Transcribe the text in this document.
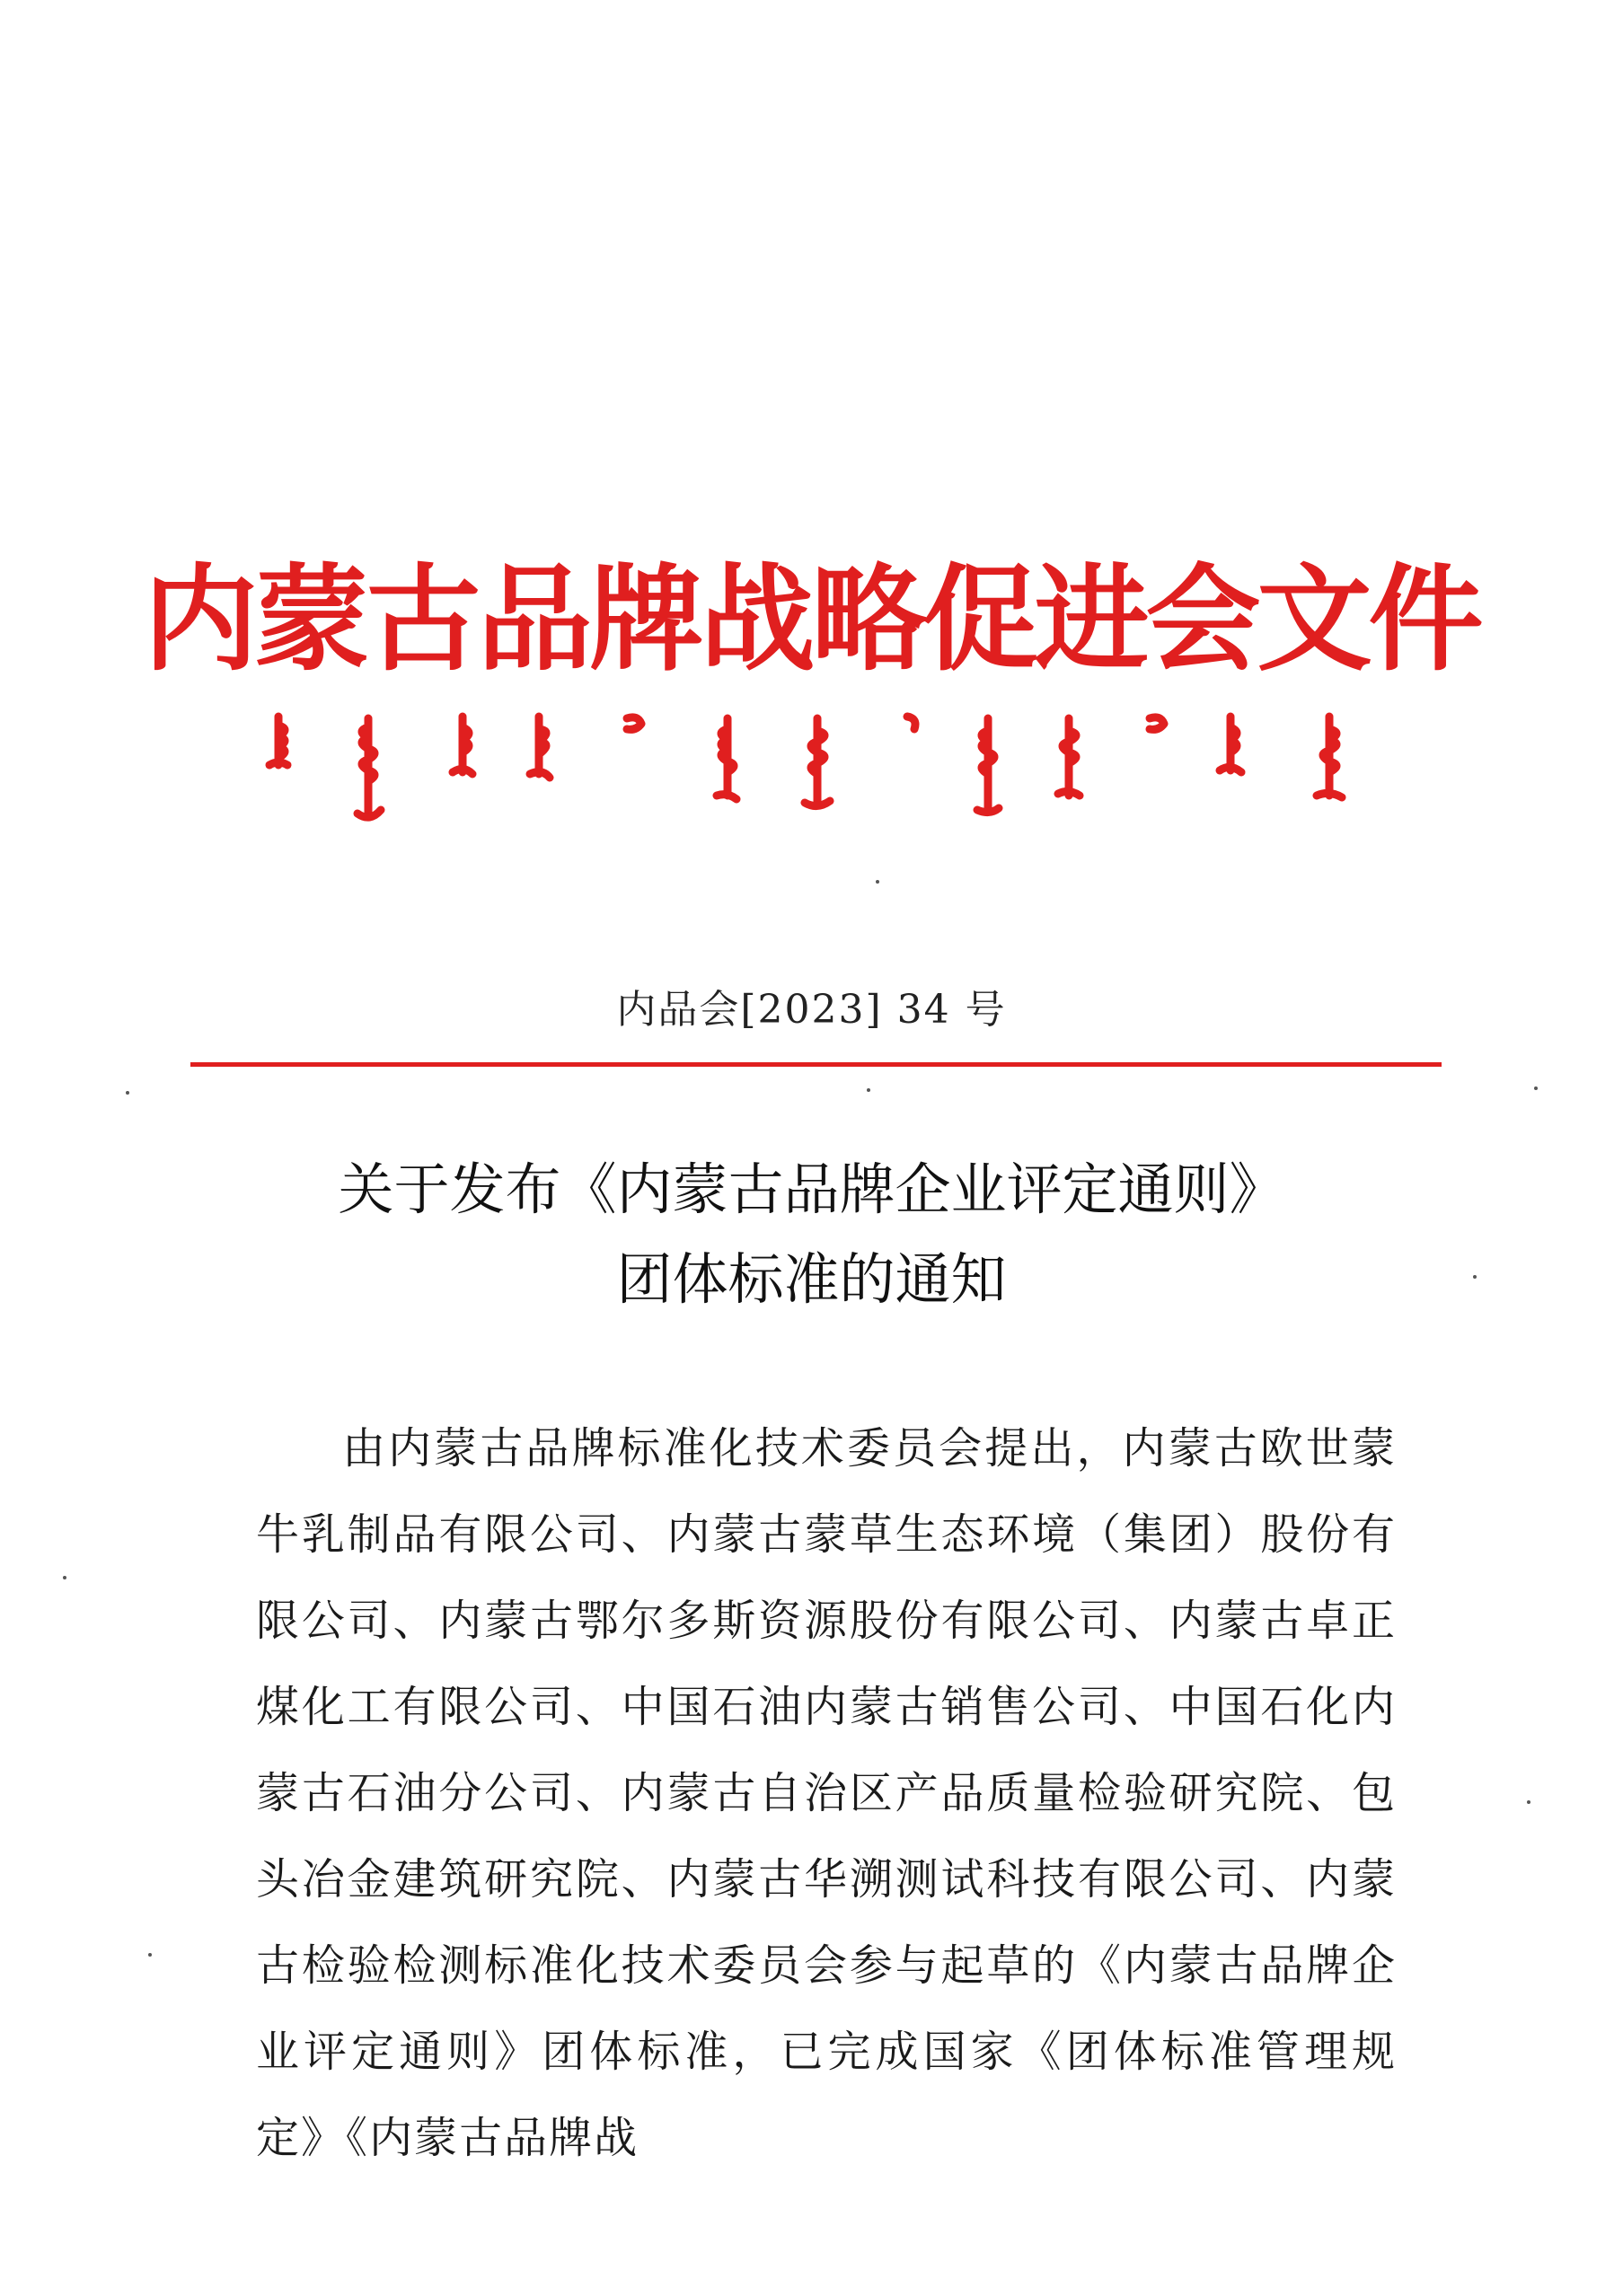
内蒙古品牌战略促进会文件
内品会[2023] 34 号
关于发布《内蒙古品牌企业评定通则》
团体标准的通知

由内蒙古品牌标准化技术委员会提出，内蒙古欧世蒙牛乳制品有限公司、内蒙古蒙草生态环境（集团）股份有限公司、内蒙古鄂尔多斯资源股份有限公司、内蒙古卓正煤化工有限公司、中国石油内蒙古销售公司、中国石化内蒙古石油分公司、内蒙古自治区产品质量检验研究院、包头冶金建筑研究院、内蒙古华溯测试科技有限公司、内蒙古检验检测标准化技术委员会参与起草的《内蒙古品牌企业评定通则》团体标准，已完成国家《团体标准管理规定》《内蒙古品牌战
